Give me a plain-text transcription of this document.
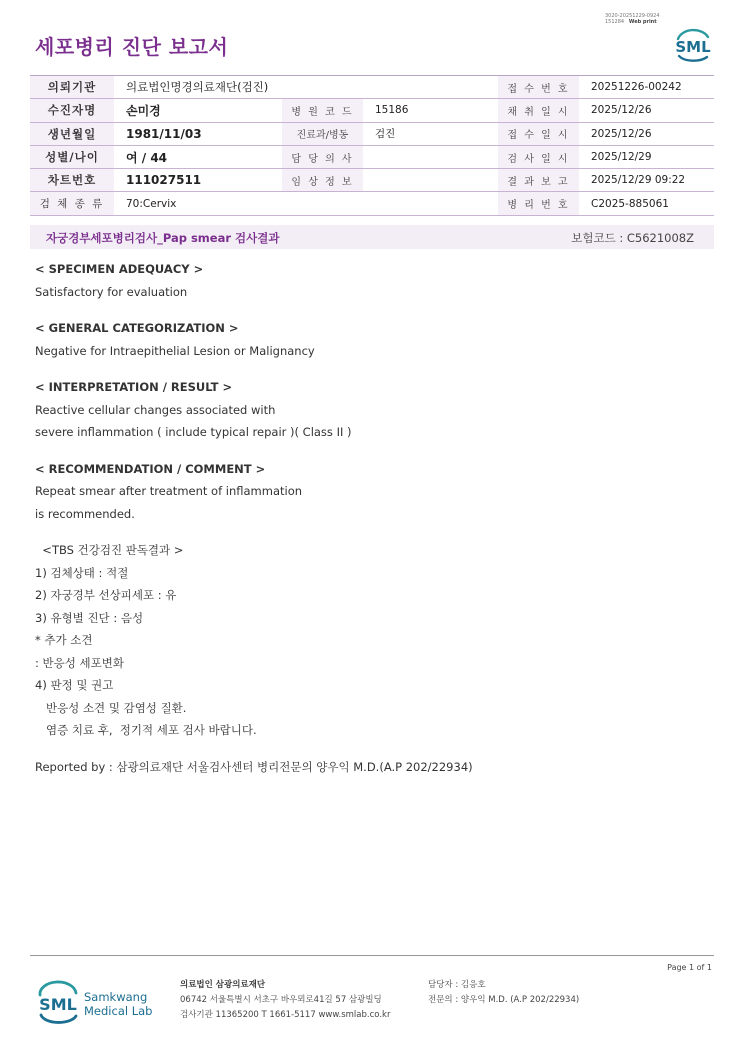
3020-20251229-0924
151284 Web print
세포병리 진단 보고서	SML
의뢰기관	의료법인명경의료재단(검진)			접 수 번 호	20251226-00242
수진자명	손미경	병 원 코 드	15186	채 취 일 시	2025/12/26
생년월일	1981/11/03	진료과/병동	검진	접 수 일 시	2025/12/26
성별/나이	여 / 44	담 당 의 사		검 사 일 시	2025/12/29
차트번호	111027511	임 상 정 보		결 과 보 고	2025/12/29 09:22
검 체 종 류	70:Cervix			병 리 번 호	C2025-885061
자궁경부세포병리검사_Pap smear 검사결과	보험코드 : C5621008Z
< SPECIMEN ADEQUACY >
Satisfactory for evaluation
< GENERAL CATEGORIZATION >
Negative for Intraepithelial Lesion or Malignancy
< INTERPRETATION / RESULT >
Reactive cellular changes associated with
severe inflammation ( include typical repair )( Class II )
< RECOMMENDATION / COMMENT >
Repeat smear after treatment of inflammation
is recommended.
<TBS 건강검진 판독결과 >
1) 검체상태 : 적절
2) 자궁경부 선상피세포 : 유
3) 유형별 진단 : 음성
* 추가 소견
: 반응성 세포변화
4) 판정 및 권고
반응성 소견 및 감염성 질환.
염증 치료 후,  정기적 세포 검사 바랍니다.
Reported by : 삼광의료재단 서울검사센터 병리전문의 양우익 M.D.(A.P 202/22934)
Page 1 of 1
SML Samkwang
Medical Lab
의료법인 삼광의료재단
06742 서울특별시 서초구 바우뫼로41길 57 삼광빌딩
검사기관 11365200 T 1661-5117 www.smlab.co.kr
담당자 : 김응호
전문의 : 양우익 M.D. (A.P 202/22934)
